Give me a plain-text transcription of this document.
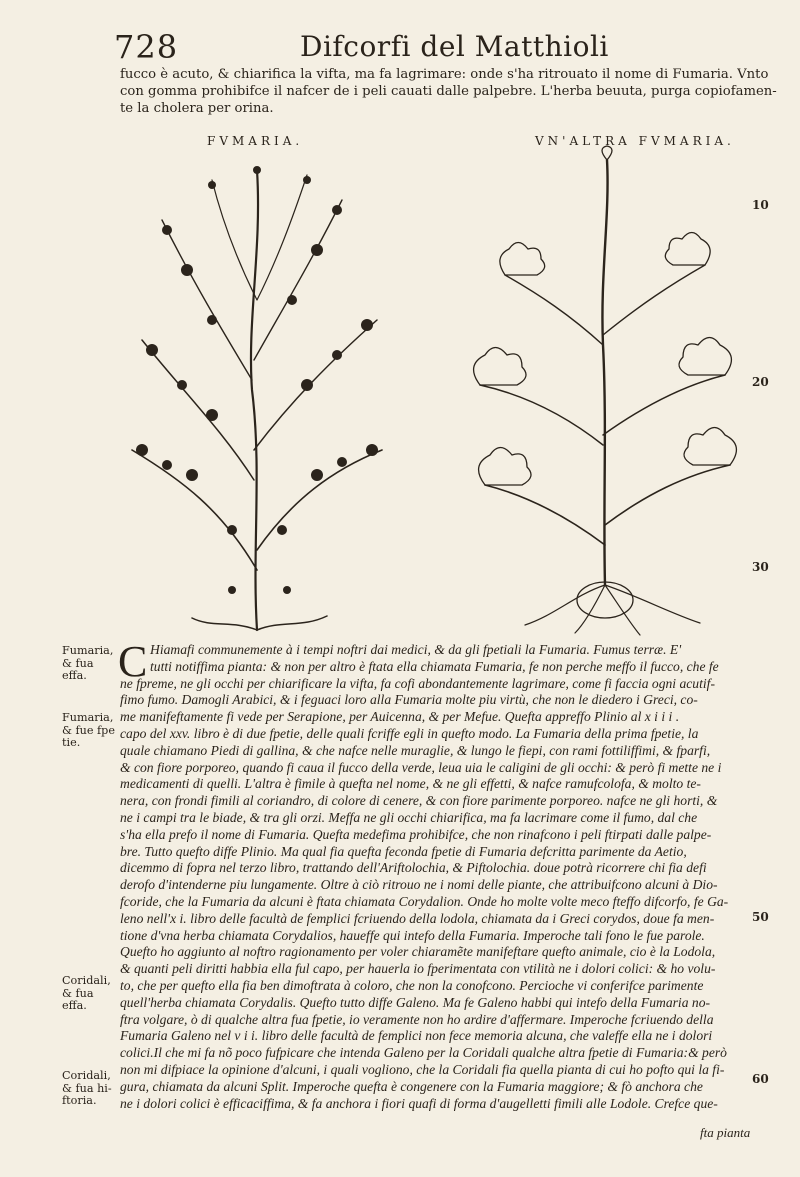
728	Difcorfi del Matthioli
fucco è acuto, & chiarifica la vifta, ma fa lagrimare: onde s'ha ritrouato il nome di Fumaria. Vnto
con gomma prohibifce il nafcer de i peli cauati dalle palpebre. L'herba beuuta, purga copiofamen-
te la cholera per orina.
FVMARIA.	VN'ALTRA FVMARIA.
10
20
30
50
60
Fumaria, & fua effa.
Fumaria, & fue fpe tie.
Coridali, & fua effa.
Coridali, & fua hi- ftoria.
C Hiamafi communemente à i tempi noftri dai medici, & da gli fpetiali la Fumaria. Fumus terræ. E'
tutti notiffima pianta: & non per altro è ftata ella chiamata Fumaria, fe non perche meffo il fucco, che fe
ne fpreme, ne gli occhi per chiarificare la vifta, fa cofi abondantemente lagrimare, come fi faccia ogni acutif-
fimo fumo. Damogli Arabici, & i feguaci loro alla Fumaria molte piu virtù, che non le diedero i Greci, co-
me manifeftamente fi vede per Serapione, per Auicenna, & per Mefue. Quefta appreffo Plinio al x i i i .
capo del xxv. libro è di due fpetie, delle quali fcriffe egli in quefto modo. La Fumaria della prima fpetie, la
quale chiamano Piedi di gallina, & che nafce nelle muraglie, & lungo le fiepi, con rami fottiliffimi, & fparfi,
& con fiore porporeo, quando fi caua il fucco della verde, leua uia le caligini de gli occhi: & però fi mette ne i
medicamenti di quelli. L'altra è fimile à quefta nel nome, & ne gli effetti, & nafce ramufcolofa, & molto te-
nera, con frondi fimili al coriandro, di colore di cenere, & con fiore parimente porporeo. nafce ne gli horti, &
ne i campi tra le biade, & tra gli orzi. Meffa ne gli occhi chiarifica, ma fa lacrimare come il fumo, dal che
s'ha ella prefo il nome di Fumaria. Quefta medefima prohibifce, che non rinafcono i peli ftirpati dalle palpe-
bre. Tutto quefto diffe Plinio. Ma qual fia quefta feconda fpetie di Fumaria defcritta parimente da Aetio,
dicemmo di fopra nel terzo libro, trattando dell'Ariftolochia, & Piftolochia. doue potrà ricorrere chi fia defi
derofo d'intenderne piu lungamente. Oltre à ciò ritrouo ne i nomi delle piante, che attribuifcono alcuni à Dio-
fcoride, che la Fumaria da alcuni è ftata chiamata Corydalion. Onde ho molte volte meco fteffo difcorfo, fe Ga-
leno nell'x i. libro delle facultà de femplici fcriuendo della lodola, chiamata da i Greci corydos, doue fa men-
tione d'vna herba chiamata Corydalios, haueffe qui intefo della Fumaria. Imperoche tali fono le fue parole.
Quefto ho aggiunto al noftro ragionamento per voler chiaramẽte manifeftare quefto animale, cio è la Lodola,
& quanti peli diritti habbia ella ful capo, per hauerla io fperimentata con vtilità ne i dolori colici: & ho volu-
to, che per quefto ella fia ben dimoftrata à coloro, che non la conofcono. Percioche vi conferifce parimente
quell'herba chiamata Corydalis. Quefto tutto diffe Galeno. Ma fe Galeno habbi qui intefo della Fumaria no-
ftra volgare, ò di qualche altra fua fpetie, io veramente non ho ardire d'affermare. Imperoche fcriuendo della
Fumaria Galeno nel v i i. libro delle facultà de femplici non fece memoria alcuna, che valeffe ella ne i dolori
colici.Il che mi fa nõ poco fufpicare che intenda Galeno per la Coridali qualche altra fpetie di Fumaria:& però
non mi difpiace la opinione d'alcuni, i quali vogliono, che la Coridali fia quella pianta di cui ho pofto qui la fi-
gura, chiamata da alcuni Split. Imperoche quefta è congenere con la Fumaria maggiore; & fò anchora che
ne i dolori colici è efficaciffima, & fa anchora i fiori quafi di forma d'augelletti fimili alle Lodole. Crefce que-
fta pianta
